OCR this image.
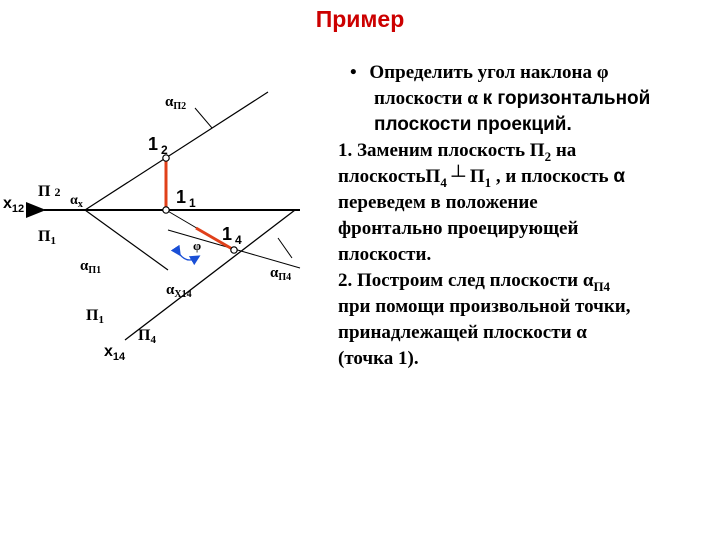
Пример
$\alpha_{П2}$
1 $_2$
$x_{12}$
П 2
$\alpha_x$	1 $_1$
П1	1 $_4$
φ
$\alpha_{П1}$	$\alpha_{П4}$
$\alpha_{X14}$
П1
П4
$x_{14}$

• Определить угол наклона φ

плоскости α к горизонтальной

плоскости проекций.

1. Заменим плоскость $П_2$ на

плоскостьП$_4$ ┴ $П_1$ , и плоскость α

переведем в положение

фронтально проецирующей

плоскости.

2. Построим след плоскости $\alpha_{П4}$

при помощи произвольной точки,

принадлежащей плоскости α

(точка 1).
